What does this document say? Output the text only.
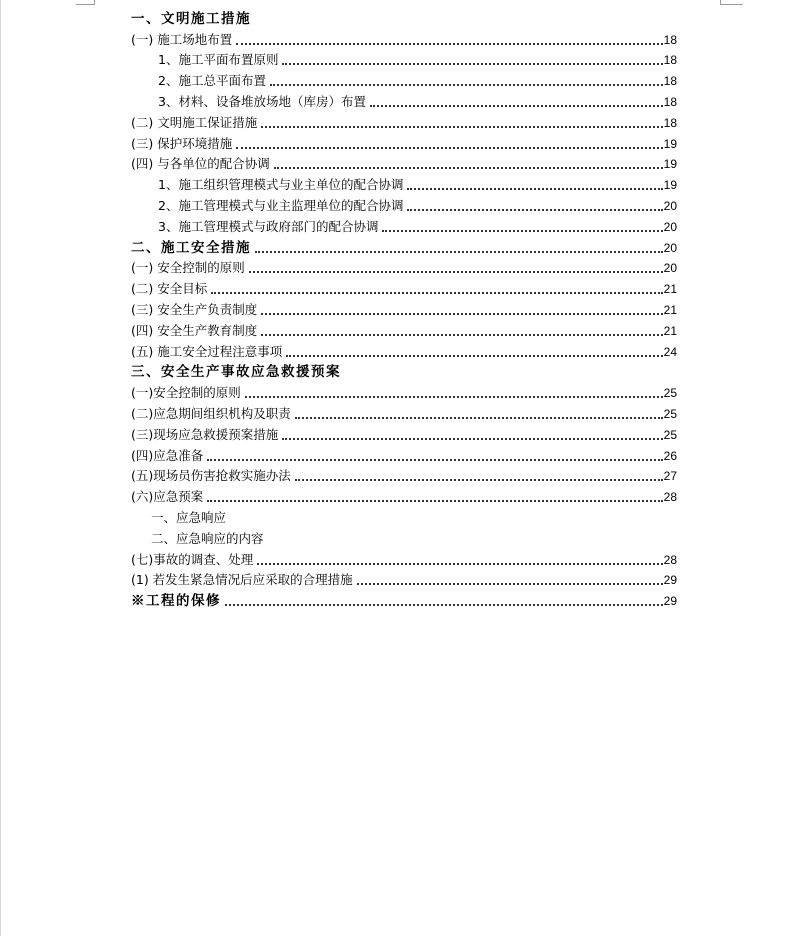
一、文明施工措施
(一) 施工场地布置	18
1、施工平面布置原则	18
2、施工总平面布置	18
3、材料、设备堆放场地（库房）布置	18
(二) 文明施工保证措施	18
(三) 保护环境措施	19
(四) 与各单位的配合协调	19
1、施工组织管理模式与业主单位的配合协调	19
2、施工管理模式与业主监理单位的配合协调	20
3、施工管理模式与政府部门的配合协调	20
二、施工安全措施	20
(一) 安全控制的原则	20
(二) 安全目标	21
(三) 安全生产负责制度	21
(四) 安全生产教育制度	21
(五) 施工安全过程注意事项	24
三、安全生产事故应急救援预案
(一)安全控制的原则	25
(二)应急期间组织机构及职责	25
(三)现场应急救援预案措施	25
(四)应急准备	26
(五)现场员伤害抢救实施办法	27
(六)应急预案	28
一、应急响应
二、应急响应的内容
(七)事故的调查、处理	28
(1) 若发生紧急情况后应采取的合理措施	29
※工程的保修	29
